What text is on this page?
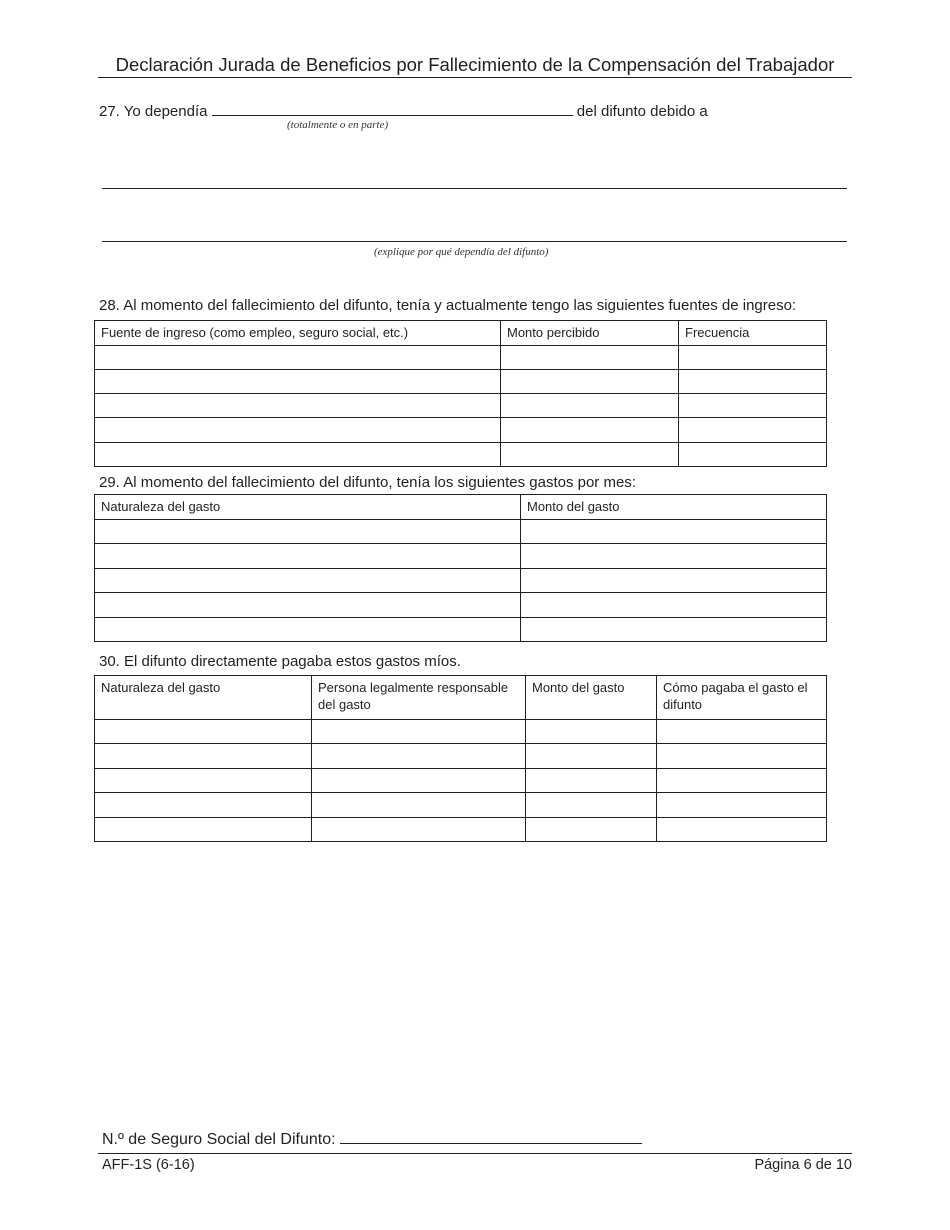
Declaración Jurada de Beneficios por Fallecimiento de la Compensación del Trabajador
27. Yo dependía	del difunto debido a
(totalmente o en parte)
(explique por qué dependía del difunto)
28. Al momento del fallecimiento del difunto, tenía y actualmente tengo las siguientes fuentes de ingreso:
Fuente de ingreso (como empleo, seguro social, etc.)	Monto percibido	Frecuencia

29. Al momento del fallecimiento del difunto, tenía los siguientes gastos por mes:
Naturaleza del gasto	Monto del gasto

30. El difunto directamente pagaba estos gastos míos.
Naturaleza del gasto	Persona legalmente responsable del gasto	Monto del gasto	Cómo pagaba el gasto el difunto

N.º de Seguro Social del Difunto:
AFF-1S (6-16)	Página 6 de 10
